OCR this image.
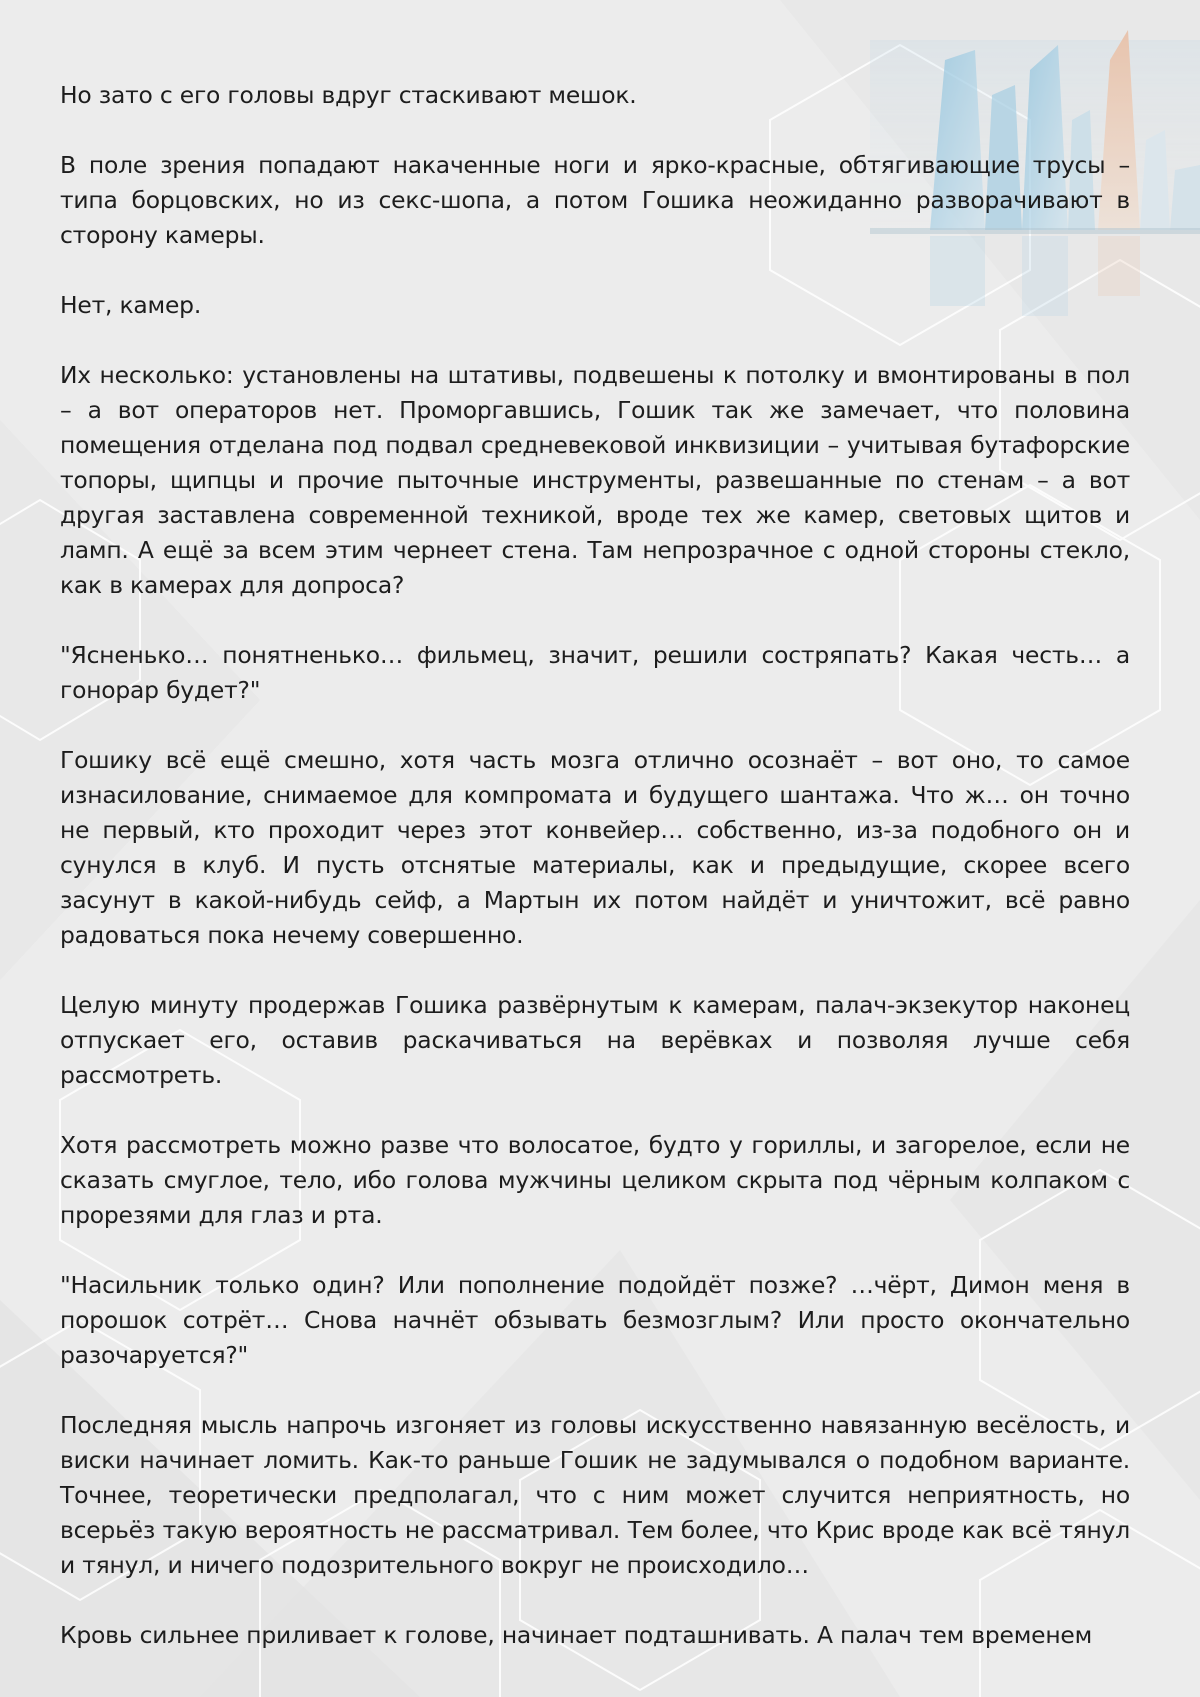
Но зато с его головы вдруг стаскивают мешок.

В поле зрения попадают накаченные ноги и ярко-красные, обтягивающие трусы – типа борцовских, но из секс-шопа, а потом Гошика неожиданно разворачивают в сторону камеры.

Нет, камер.

Их несколько: установлены на штативы, подвешены к потолку и вмонтированы в пол – а вот операторов нет. Проморгавшись, Гошик так же замечает, что половина помещения отделана под подвал средневековой инквизиции – учитывая бутафорские топоры, щипцы и прочие пыточные инструменты, развешанные по стенам – а вот другая заставлена современной техникой, вроде тех же камер, световых щитов и ламп. А ещё за всем этим чернеет стена. Там непрозрачное с одной стороны стекло, как в камерах для допроса?

"Ясненько… понятненько… фильмец, значит, решили состряпать? Какая честь… а гонорар будет?"

Гошику всё ещё смешно, хотя часть мозга отлично осознаёт – вот оно, то самое изнасилование, снимаемое для компромата и будущего шантажа. Что ж… он точно не первый, кто проходит через этот конвейер… собственно, из-за подобного он и сунулся в клуб. И пусть отснятые материалы, как и предыдущие, скорее всего засунут в какой-нибудь сейф, а Мартын их потом найдёт и уничтожит, всё равно радоваться пока нечему совершенно.

Целую минуту продержав Гошика развёрнутым к камерам, палач-экзекутор наконец отпускает его, оставив раскачиваться на верёвках и позволяя лучше себя рассмотреть.

Хотя рассмотреть можно разве что волосатое, будто у гориллы, и загорелое, если не сказать смуглое, тело, ибо голова мужчины целиком скрыта под чёрным колпаком с прорезями для глаз и рта.

"Насильник только один? Или пополнение подойдёт позже? …чёрт, Димон меня в порошок сотрёт… Снова начнёт обзывать безмозглым? Или просто окончательно разочаруется?"

Последняя мысль напрочь изгоняет из головы искусственно навязанную весёлость, и виски начинает ломить. Как-то раньше Гошик не задумывался о подобном варианте. Точнее, теоретически предполагал, что с ним может случится неприятность, но всерьёз такую вероятность не рассматривал. Тем более, что Крис вроде как всё тянул и тянул, и ничего подозрительного вокруг не происходило…

Кровь сильнее приливает к голове, начинает подташнивать. А палач тем временем
